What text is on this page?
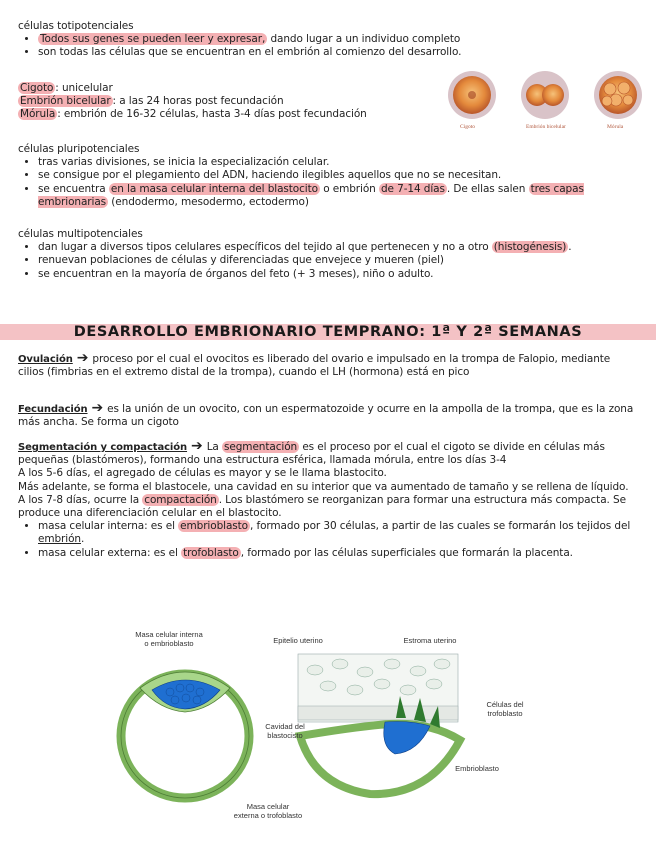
células totipotenciales
• Todos sus genes se pueden leer y expresar, dando lugar a un individuo completo
• son todas las células que se encuentran en el embrión al comienzo del desarrollo.
Cigoto : unicelular
Embrión bicelular : a las 24 horas post fecundación
Mórula : embrión de 16-32 células, hasta 3-4 días post fecundación
Cigoto	Embrión bicelular	Mórula
células pluripotenciales
• tras varias divisiones, se inicia la especialización celular.
• se consigue por el plegamiento del ADN, haciendo ilegibles aquellos que no se necesitan.
• se encuentra en la masa celular interna del blastocito o embrión de 7-14 días . De ellas salen tres capas embrionarias (endodermo, mesodermo, ectodermo)
células multipotenciales
• dan lugar a diversos tipos celulares específicos del tejido al que pertenecen y no a otro (histogénesis) .
• renuevan poblaciones de células y diferenciadas que envejece y mueren (piel)
• se encuentran en la mayoría de órganos del feto (+ 3 meses), niño o adulto.
DESARROLLO EMBRIONARIO TEMPRANO: 1ª Y 2ª SEMANAS
Ovulación ➔ proceso por el cual el ovocitos es liberado del ovario e impulsado en la trompa de Falopio, mediante cilios (fimbrias en el extremo distal de la trompa), cuando el LH (hormona) está en pico
Fecundación ➔ es la unión de un ovocito, con un espermatozoide y ocurre en la ampolla de la trompa, que es la zona más ancha. Se forma un cigoto
Segmentación y compactación ➔ La segmentación es el proceso por el cual el cigoto se divide en células más pequeñas (blastómeros), formando una estructura esférica, llamada mórula, entre los días 3-4
A los 5-6 días, el agregado de células es mayor y se le llama blastocito.
Más adelante, se forma el blastocele, una cavidad en su interior que va aumentado de tamaño y se rellena de líquido.
A los 7-8 días, ocurre la compactación . Los blastómero se reorganizan para formar una estructura más compacta. Se produce una diferenciación celular en el blastocito.
• masa celular interna: es el embrioblasto , formado por 30 células, a partir de las cuales se formarán los tejidos del embrión.
• masa celular externa: es el trofoblasto , formado por las células superficiales que formarán la placenta.
Masa celular interna
o embrioblasto
Cavidad del
blastocisto
Masa celular
externa o trofoblasto
Epitelio uterino	Estroma uterino
Células del
trofoblasto
Embrioblasto
